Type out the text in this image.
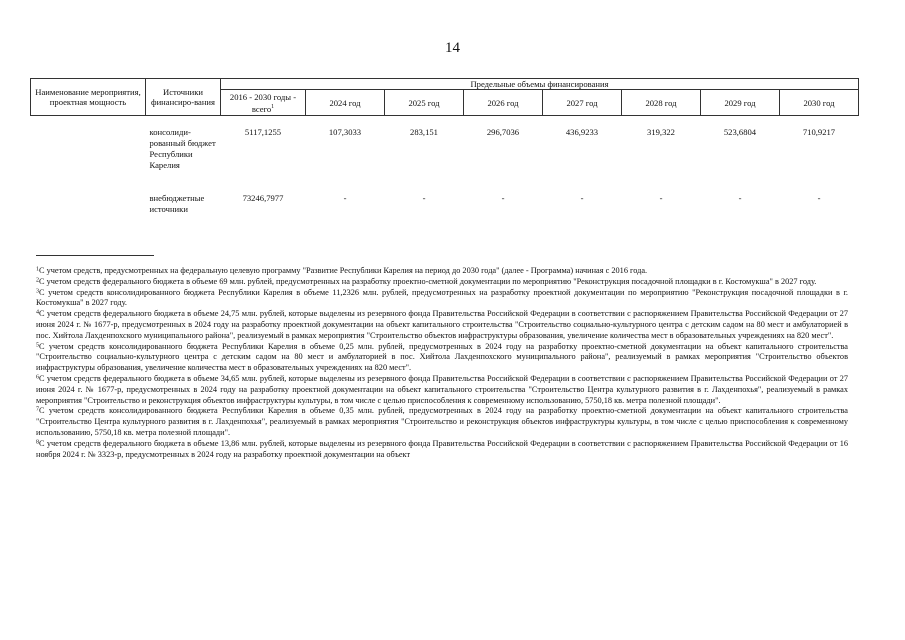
14
Наименование мероприятия, проектная мощность	Источники финансиро-вания	Предельные объемы финансирования							
		2016 - 2030 годы - всего$^1$	2024 год	2025 год	2026 год	2027 год	2028 год	2029 год	2030 год

	консолиди-рованный бюджет Республики Карелия	5117,1255	107,3033	283,151	296,7036	436,9233	319,322	523,6804	710,9217
	внебюджетные источники	73246,7977	-	-	-	-	-	-	-
$^1$С учетом средств, предусмотренных на федеральную целевую программу "Развитие Республики Карелия на период до 2030 года" (далее - Программа) начиная с 2016 года.
$^2$С учетом средств федерального бюджета в объеме 69 млн. рублей, предусмотренных на разработку проектно-сметной документации по мероприятию "Реконструкция посадочной площадки в г. Костомукша" в 2027 году.
$^3$С учетом средств консолидированного бюджета Республики Карелия в объеме 11,2326 млн. рублей, предусмотренных на разработку проектной документации по мероприятию "Реконструкция посадочной площадки в г. Костомукша" в 2027 году.
$^4$С учетом средств федерального бюджета в объеме 24,75 млн. рублей, которые выделены из резервного фонда Правительства Российской Федерации в соответствии с распоряжением Правительства Российской Федерации от 27 июня 2024 г. № 1677-р, предусмотренных в 2024 году на разработку проектной документации на объект капитального строительства "Строительство социально-культурного центра с детским садом на 80 мест и амбулаторией в пос. Хийтола Лахденпохского муниципального района", реализуемый в рамках мероприятия "Строительство объектов инфраструктуры образования, увеличение количества мест в образовательных учреждениях на 820 мест".
$^5$С учетом средств консолидированного бюджета Республики Карелия в объеме 0,25 млн. рублей, предусмотренных в 2024 году на разработку проектно-сметной документации на объект капитального строительства "Строительство социально-культурного центра с детским садом на 80 мест и амбулаторией в пос. Хийтола Лахденпохского муниципального района", реализуемый в рамках мероприятия "Строительство объектов инфраструктуры образования, увеличение количества мест в образовательных учреждениях на 820 мест".
$^6$С учетом средств федерального бюджета в объеме 34,65 млн. рублей, которые выделены из резервного фонда Правительства Российской Федерации в соответствии с распоряжением Правительства Российской Федерации от 27 июня 2024 г. № 1677-р, предусмотренных в 2024 году на разработку проектной документации на объект капитального строительства "Строительство Центра культурного развития в г. Лахденпохья", реализуемый в рамках мероприятия "Строительство и реконструкция объектов инфраструктуры культуры, в том числе с целью приспособления к современному использованию, 5750,18 кв. метра полезной площади".
$^7$С учетом средств консолидированного бюджета Республики Карелия в объеме 0,35 млн. рублей, предусмотренных в 2024 году на разработку проектно-сметной документации на объект капитального строительства "Строительство Центра культурного развития в г. Лахденпохья", реализуемый в рамках мероприятия "Строительство и реконструкция объектов инфраструктуры культуры, в том числе с целью приспособления к современному использованию, 5750,18 кв. метра полезной площади".
$^8$С учетом средств федерального бюджета в объеме 13,86 млн. рублей, которые выделены из резервного фонда Правительства Российской Федерации в соответствии с распоряжением Правительства Российской Федерации от 16 ноября 2024 г. № 3323-р, предусмотренных в 2024 году на разработку проектной документации на объект
